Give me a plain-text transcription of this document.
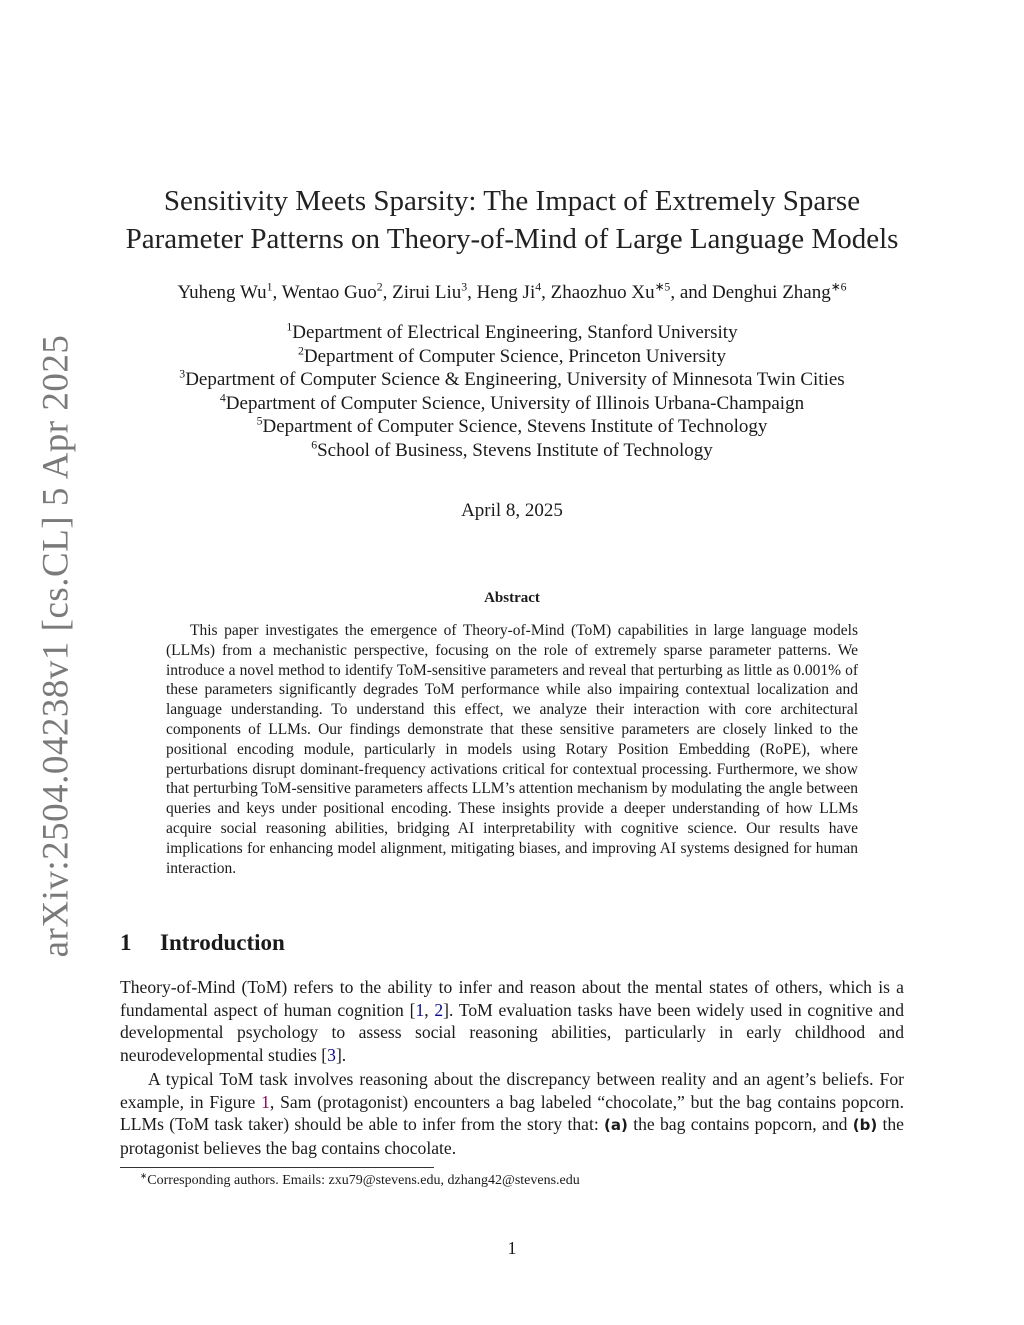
arXiv:2504.04238v1 [cs.CL] 5 Apr 2025
Sensitivity Meets Sparsity: The Impact of Extremely Sparse
Parameter Patterns on Theory-of-Mind of Large Language Models
Yuheng Wu$^1$, Wentao Guo$^2$, Zirui Liu$^3$, Heng Ji$^4$, Zhaozhuo $Xu^{∗5}$, and Denghui Zhang$^{∗6}$
$^1$Department of Electrical Engineering, Stanford University
$^2$Department of Computer Science, Princeton University
$^3$Department of Computer Science & Engineering, University of Minnesota Twin Cities
$^4$Department of Computer Science, University of Illinois Urbana-Champaign
$^5$Department of Computer Science, Stevens Institute of Technology
$^6$School of Business, Stevens Institute of Technology
April 8, 2025
Abstract
This paper investigates the emergence of Theory-of-Mind (ToM) capabilities in large language models (LLMs) from a mechanistic perspective, focusing on the role of extremely sparse parameter patterns. We introduce a novel method to identify ToM-sensitive parameters and reveal that perturbing as little as 0.001% of these parameters significantly degrades ToM performance while also impairing contextual localization and language understanding. To understand this effect, we analyze their interaction with core architectural components of LLMs. Our findings demonstrate that these sensitive parameters are closely linked to the positional encoding module, particularly in models using Rotary Position Embedding (RoPE), where perturbations disrupt dominant-frequency activations critical for contextual processing. Furthermore, we show that perturbing ToM-sensitive parameters affects LLM’s attention mechanism by modulating the angle between queries and keys under positional encoding. These insights provide a deeper understanding of how LLMs acquire social reasoning abilities, bridging AI interpretability with cognitive science. Our results have implications for enhancing model alignment, mitigating biases, and improving AI systems designed for human interaction.
1 Introduction
Theory-of-Mind (ToM) refers to the ability to infer and reason about the mental states of others, which is a fundamental aspect of human cognition [1, 2]. ToM evaluation tasks have been widely used in cognitive and developmental psychology to assess social reasoning abilities, particularly in early childhood and neurodevelopmental studies [3].
A typical ToM task involves reasoning about the discrepancy between reality and an agent’s beliefs. For example, in Figure 1, Sam (protagonist) encounters a bag labeled “chocolate,” but the bag contains popcorn. LLMs (ToM task taker) should be able to infer from the story that: (a) the bag contains popcorn, and (b) the protagonist believes the bag contains chocolate.
∗Corresponding authors. Emails: zxu79@stevens.edu, dzhang42@stevens.edu
1
